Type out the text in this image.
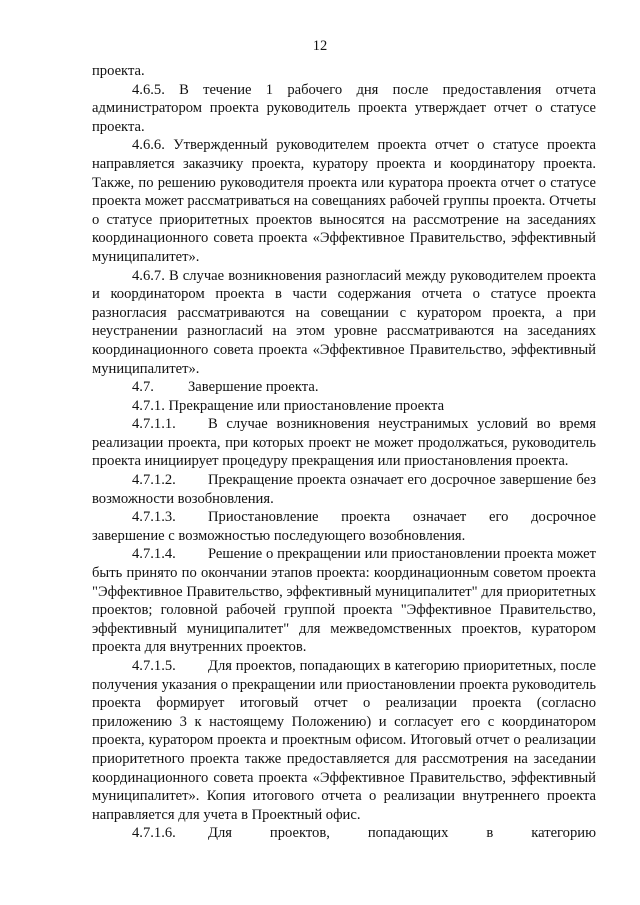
12

проекта.

4.6.5. В течение 1 рабочего дня после предоставления отчета администратором проекта руководитель проекта утверждает отчет о статусе проекта.

4.6.6. Утвержденный руководителем проекта отчет о статусе проекта направляется заказчику проекта, куратору проекта и координатору проекта. Также, по решению руководителя проекта или куратора проекта отчет о статусе проекта может рассматриваться на совещаниях рабочей группы проекта. Отчеты о статусе приоритетных проектов выносятся на рассмотрение на заседаниях координационного совета проекта «Эффективное Правительство, эффективный муниципалитет».

4.6.7. В случае возникновения разногласий между руководителем проекта и координатором проекта в части содержания отчета о статусе проекта разногласия рассматриваются на совещании с куратором проекта, а при неустранении разногласий на этом уровне рассматриваются на заседаниях координационного совета проекта «Эффективное Правительство, эффективный муниципалитет».

4.7. Завершение проекта.

4.7.1. Прекращение или приостановление проекта

4.7.1.1. В случае возникновения неустранимых условий во время реализации проекта, при которых проект не может продолжаться, руководитель проекта инициирует процедуру прекращения или приостановления проекта.

4.7.1.2. Прекращение проекта означает его досрочное завершение без возможности возобновления.

4.7.1.3. Приостановление проекта означает его досрочное завершение с возможностью последующего возобновления.

4.7.1.4. Решение о прекращении или приостановлении проекта может быть принято по окончании этапов проекта: координационным советом проекта "Эффективное Правительство, эффективный муниципалитет" для приоритетных проектов; головной рабочей группой проекта "Эффективное Правительство, эффективный муниципалитет" для межведомственных проектов, куратором проекта для внутренних проектов.

4.7.1.5. Для проектов, попадающих в категорию приоритетных, после получения указания о прекращении или приостановлении проекта руководитель проекта формирует итоговый отчет о реализации проекта (согласно приложению 3 к настоящему Положению) и согласует его с координатором проекта, куратором проекта и проектным офисом. Итоговый отчет о реализации приоритетного проекта также предоставляется для рассмотрения на заседании координационного совета проекта «Эффективное Правительство, эффективный муниципалитет». Копия итогового отчета о реализации внутреннего проекта направляется для учета в Проектный офис.

4.7.1.6. Для проектов, попадающих в категорию
